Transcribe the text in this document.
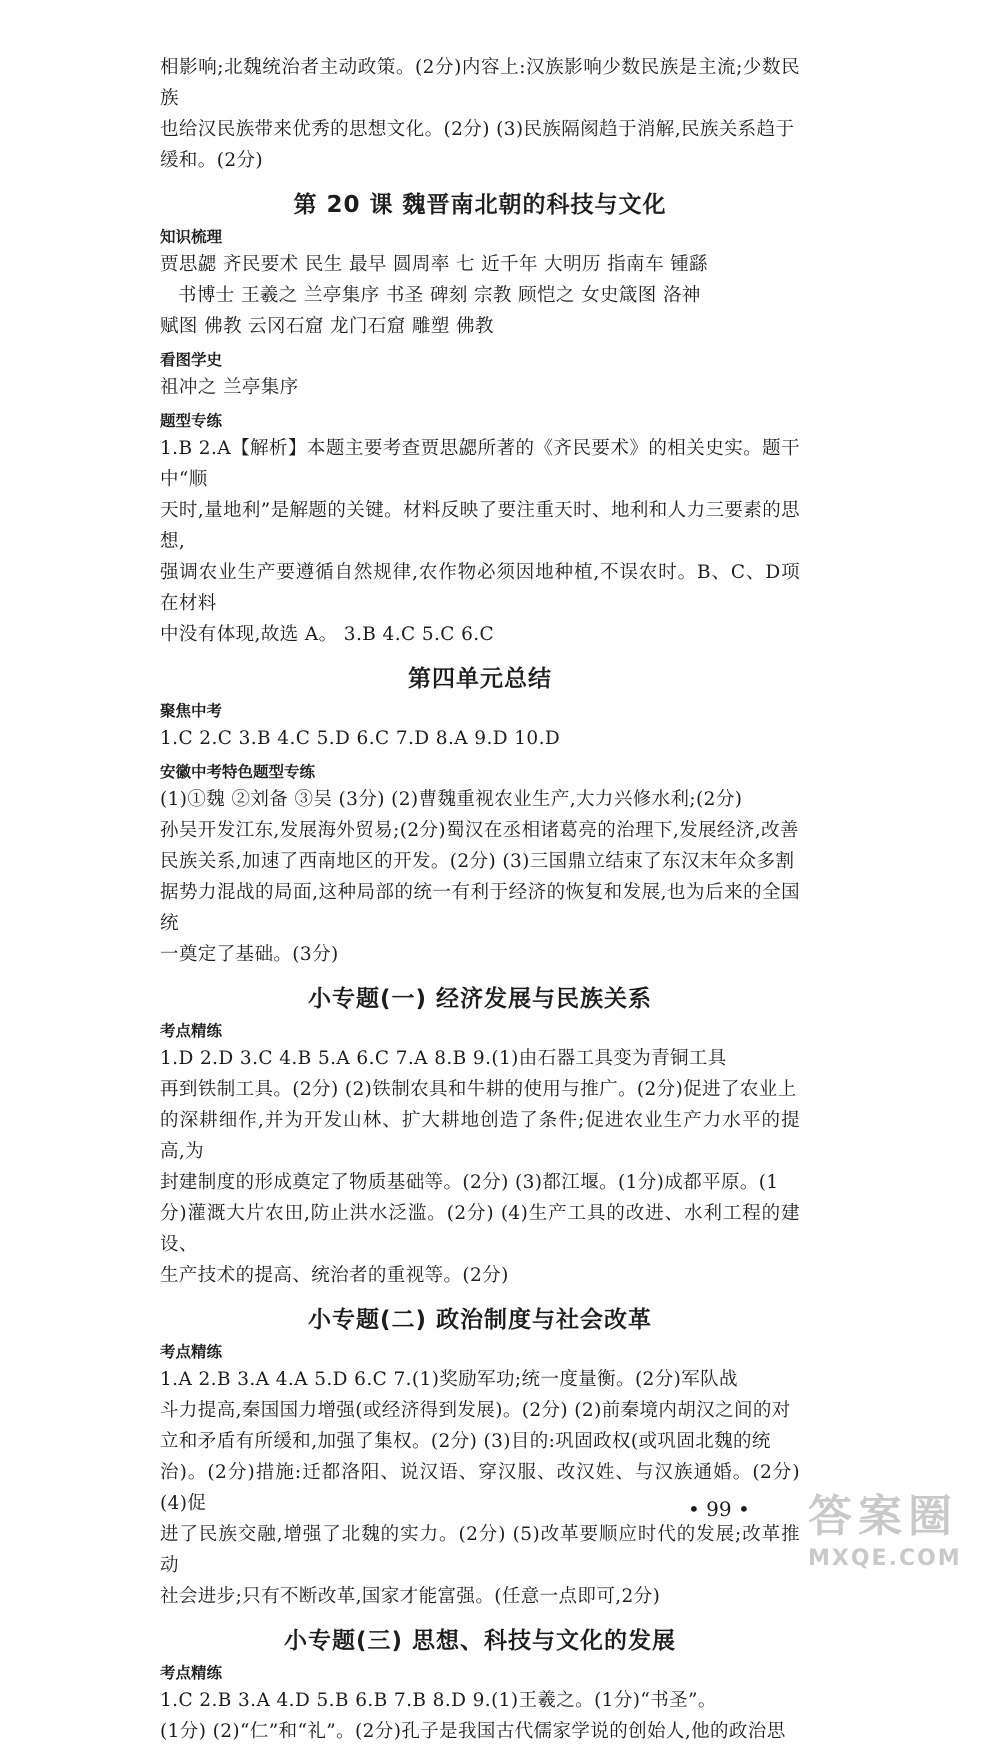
相影响;北魏统治者主动政策。(2分)内容上:汉族影响少数民族是主流;少数民族

也给汉民族带来优秀的思想文化。(2分) (3)民族隔阂趋于消解,民族关系趋于

缓和。(2分)

第 20 课 魏晋南北朝的科技与文化
知识梳理

贾思勰 齐民要术 民生 最早 圆周率 七 近千年 大明历 指南车 锺繇

书博士 王羲之 兰亭集序 书圣 碑刻 宗教 顾恺之 女史箴图 洛神

赋图 佛教 云冈石窟 龙门石窟 雕塑 佛教

看图学史

祖冲之 兰亭集序

题型专练

1.B 2.A【解析】本题主要考查贾思勰所著的《齐民要术》的相关史实。题干中“顺

天时,量地利”是解题的关键。材料反映了要注重天时、地利和人力三要素的思想,

强调农业生产要遵循自然规律,农作物必须因地种植,不误农时。B、C、D项在材料

中没有体现,故选 A。 3.B 4.C 5.C 6.C

第四单元总结
聚焦中考

1.C 2.C 3.B 4.C 5.D 6.C 7.D 8.A 9.D 10.D

安徽中考特色题型专练

(1)①魏 ②刘备 ③吴 (3分) (2)曹魏重视农业生产,大力兴修水利;(2分)

孙吴开发江东,发展海外贸易;(2分)蜀汉在丞相诸葛亮的治理下,发展经济,改善

民族关系,加速了西南地区的开发。(2分) (3)三国鼎立结束了东汉末年众多割

据势力混战的局面,这种局部的统一有利于经济的恢复和发展,也为后来的全国统

一奠定了基础。(3分)

小专题(一) 经济发展与民族关系
考点精练

1.D 2.D 3.C 4.B 5.A 6.C 7.A 8.B 9.(1)由石器工具变为青铜工具

再到铁制工具。(2分) (2)铁制农具和牛耕的使用与推广。(2分)促进了农业上

的深耕细作,并为开发山林、扩大耕地创造了条件;促进农业生产力水平的提高,为

封建制度的形成奠定了物质基础等。(2分) (3)都江堰。(1分)成都平原。(1

分)灌溉大片农田,防止洪水泛滥。(2分) (4)生产工具的改进、水利工程的建设、

生产技术的提高、统治者的重视等。(2分)

小专题(二) 政治制度与社会改革
考点精练

1.A 2.B 3.A 4.A 5.D 6.C 7.(1)奖励军功;统一度量衡。(2分)军队战

斗力提高,秦国国力增强(或经济得到发展)。(2分) (2)前秦境内胡汉之间的对

立和矛盾有所缓和,加强了集权。(2分) (3)目的:巩固政权(或巩固北魏的统

治)。(2分)措施:迁都洛阳、说汉语、穿汉服、改汉姓、与汉族通婚。(2分) (4)促

进了民族交融,增强了北魏的实力。(2分) (5)改革要顺应时代的发展;改革推动

社会进步;只有不断改革,国家才能富强。(任意一点即可,2分)

小专题(三) 思想、科技与文化的发展
考点精练

1.C 2.B 3.A 4.D 5.B 6.B 7.B 8.D 9.(1)王羲之。(1分)“书圣”。

(1分) (2)“仁”和“礼”。(2分)孔子是我国古代儒家学说的创始人,他的政治思

• 99 • 答案圈
MXQE.COM
